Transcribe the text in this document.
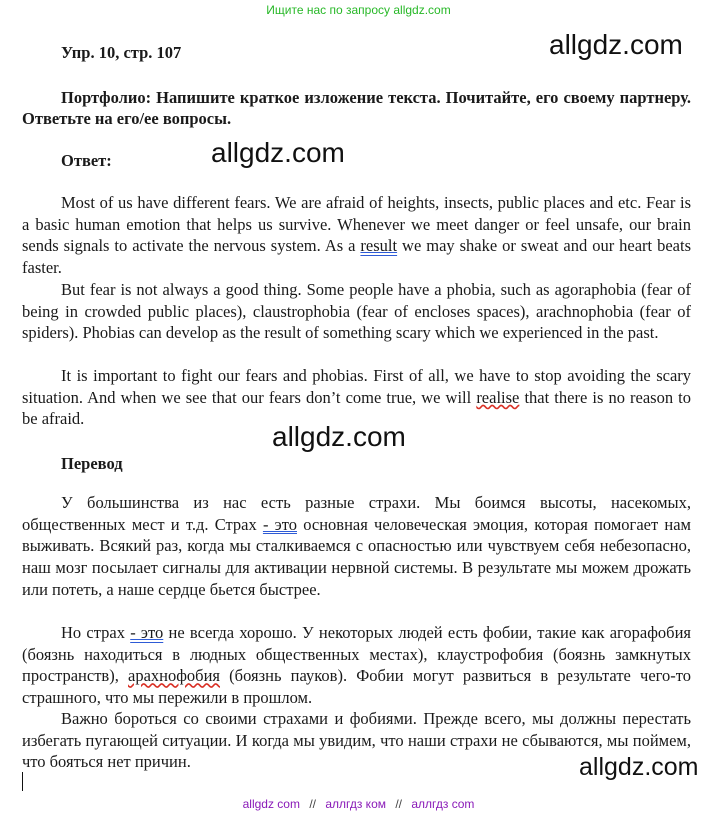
Ищите нас по запросу allgdz.com
allgdz.com
allgdz.com
allgdz.com
allgdz.com
Упр. 10, стр. 107
Портфолио: Напишите краткое изложение текста. Почитайте, его своему партнеру. Ответьте на его/ее вопросы.
Ответ:
Most of us have different fears. We are afraid of heights, insects, public places and etc. Fear is a basic human emotion that helps us survive. Whenever we meet danger or feel unsafe, our brain sends signals to activate the nervous system. As a result we may shake or sweat and our heart beats faster.
But fear is not always a good thing. Some people have a phobia, such as agoraphobia (fear of being in crowded public places), claustrophobia (fear of encloses spaces), arachnophobia (fear of spiders). Phobias can develop as the result of something scary which we experienced in the past.
It is important to fight our fears and phobias. First of all, we have to stop avoiding the scary situation. And when we see that our fears don’t come true, we will realise that there is no reason to be afraid.
Перевод
У большинства из нас есть разные страхи. Мы боимся высоты, насекомых, общественных мест и т.д. Страх - это основная человеческая эмоция, которая помогает нам выживать. Всякий раз, когда мы сталкиваемся с опасностью или чувствуем себя небезопасно, наш мозг посылает сигналы для активации нервной системы. В результате мы можем дрожать или потеть, а наше сердце бьется быстрее.
Но страх - это не всегда хорошо. У некоторых людей есть фобии, такие как агорафобия (боязнь находиться в людных общественных местах), клаустрофобия (боязнь замкнутых пространств), арахнофобия (боязнь пауков). Фобии могут развиться в результате чего-то страшного, что мы пережили в прошлом.
Важно бороться со своими страхами и фобиями. Прежде всего, мы должны перестать избегать пугающей ситуации. И когда мы увидим, что наши страхи не сбываются, мы поймем, что бояться нет причин.
allgdz com // аллгдз ком // аллгдз com
